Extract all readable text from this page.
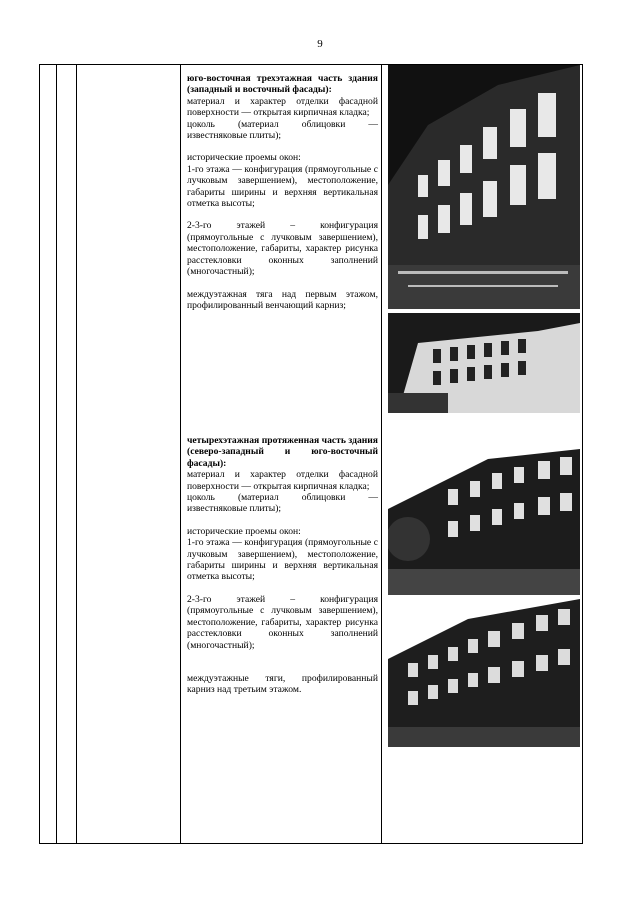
9

юго-восточная трехэтажная часть здания (западный и восточный фасады):

материал и характер отделки фасадной поверхности — открытая кирпичная кладка;

цоколь (материал облицовки — известняковые плиты);

исторические проемы окон:

1-го этажа — конфигурация (прямоугольные с лучковым завершением), местоположение, габариты ширины и верхняя вертикальная отметка высоты;

2-3-го этажей – конфигурация (прямоугольные с лучковым завершением), местоположение, габариты, характер рисунка расстекловки оконных заполнений (многочастный);

междуэтажная тяга над первым этажом, профилированный венчающий карниз;

четырехэтажная протяженная часть здания (северо-западный и юго-восточный фасады):

материал и характер отделки фасадной поверхности — открытая кирпичная кладка;

цоколь (материал облицовки — известняковые плиты);

исторические проемы окон:

1-го этажа — конфигурация (прямоугольные с лучковым завершением), местоположение, габариты ширины и верхняя вертикальная отметка высоты;

2-3-го этажей – конфигурация (прямоугольные с лучковым завершением), местоположение, габариты, характер рисунка расстекловки оконных заполнений (многочастный);

междуэтажные тяги, профилированный карниз над третьим этажом.
